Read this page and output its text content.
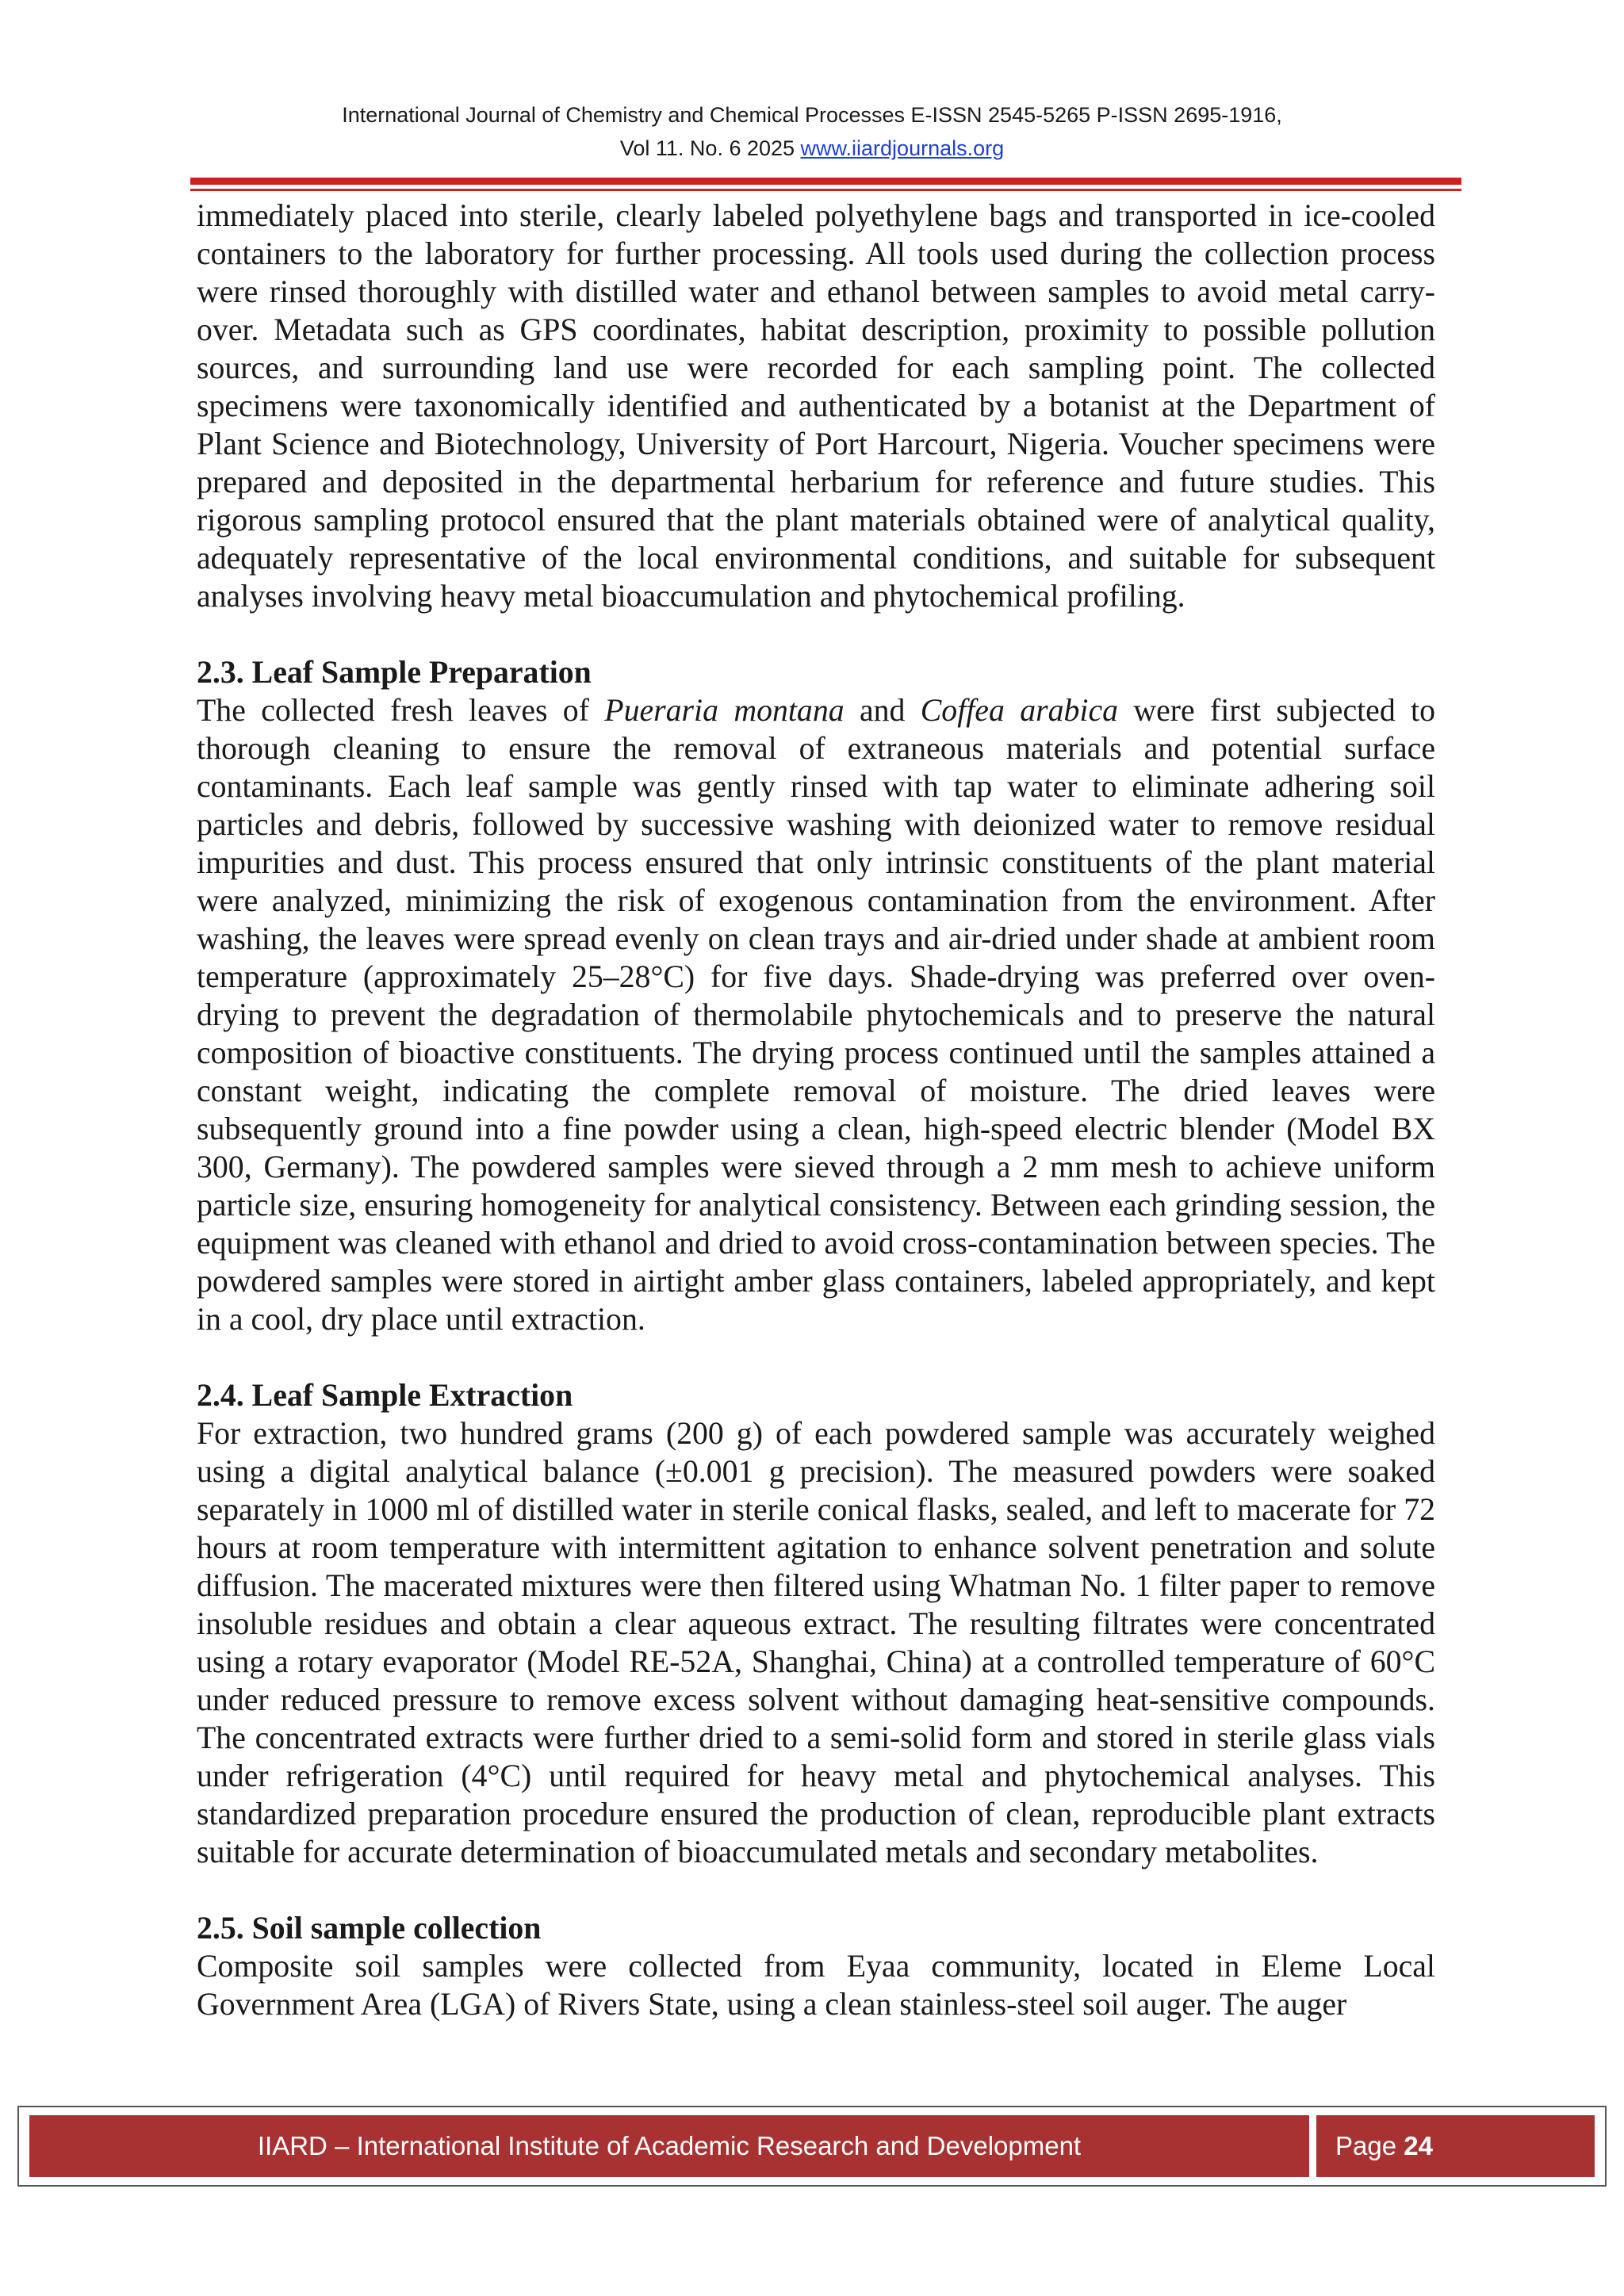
International Journal of Chemistry and Chemical Processes E-ISSN 2545-5265 P-ISSN 2695-1916,
Vol 11. No. 6 2025 www.iiardjournals.org

immediately placed into sterile, clearly labeled polyethylene bags and transported in ice-cooled containers to the laboratory for further processing. All tools used during the collection process were rinsed thoroughly with distilled water and ethanol between samples to avoid metal carry-over. Metadata such as GPS coordinates, habitat description, proximity to possible pollution sources, and surrounding land use were recorded for each sampling point. The collected specimens were taxonomically identified and authenticated by a botanist at the Department of Plant Science and Biotechnology, University of Port Harcourt, Nigeria. Voucher specimens were prepared and deposited in the departmental herbarium for reference and future studies. This rigorous sampling protocol ensured that the plant materials obtained were of analytical quality, adequately representative of the local environmental conditions, and suitable for subsequent analyses involving heavy metal bioaccumulation and phytochemical profiling.

2.3. Leaf Sample Preparation

The collected fresh leaves of Pueraria montana and Coffea arabica were first subjected to thorough cleaning to ensure the removal of extraneous materials and potential surface contaminants. Each leaf sample was gently rinsed with tap water to eliminate adhering soil particles and debris, followed by successive washing with deionized water to remove residual impurities and dust. This process ensured that only intrinsic constituents of the plant material were analyzed, minimizing the risk of exogenous contamination from the environment. After washing, the leaves were spread evenly on clean trays and air-dried under shade at ambient room temperature (approximately 25–28°C) for five days. Shade-drying was preferred over oven-drying to prevent the degradation of thermolabile phytochemicals and to preserve the natural composition of bioactive constituents. The drying process continued until the samples attained a constant weight, indicating the complete removal of moisture. The dried leaves were subsequently ground into a fine powder using a clean, high-speed electric blender (Model BX 300, Germany). The powdered samples were sieved through a 2 mm mesh to achieve uniform particle size, ensuring homogeneity for analytical consistency. Between each grinding session, the equipment was cleaned with ethanol and dried to avoid cross-contamination between species. The powdered samples were stored in airtight amber glass containers, labeled appropriately, and kept in a cool, dry place until extraction.

2.4. Leaf Sample Extraction

For extraction, two hundred grams (200 g) of each powdered sample was accurately weighed using a digital analytical balance (±0.001 g precision). The measured powders were soaked separately in 1000 ml of distilled water in sterile conical flasks, sealed, and left to macerate for 72 hours at room temperature with intermittent agitation to enhance solvent penetration and solute diffusion. The macerated mixtures were then filtered using Whatman No. 1 filter paper to remove insoluble residues and obtain a clear aqueous extract. The resulting filtrates were concentrated using a rotary evaporator (Model RE-52A, Shanghai, China) at a controlled temperature of 60°C under reduced pressure to remove excess solvent without damaging heat-sensitive compounds. The concentrated extracts were further dried to a semi-solid form and stored in sterile glass vials under refrigeration (4°C) until required for heavy metal and phytochemical analyses. This standardized preparation procedure ensured the production of clean, reproducible plant extracts suitable for accurate determination of bioaccumulated metals and secondary metabolites.

2.5. Soil sample collection

Composite soil samples were collected from Eyaa community, located in Eleme Local Government Area (LGA) of Rivers State, using a clean stainless-steel soil auger. The auger

IIARD – International Institute of Academic Research and Development	Page 24
